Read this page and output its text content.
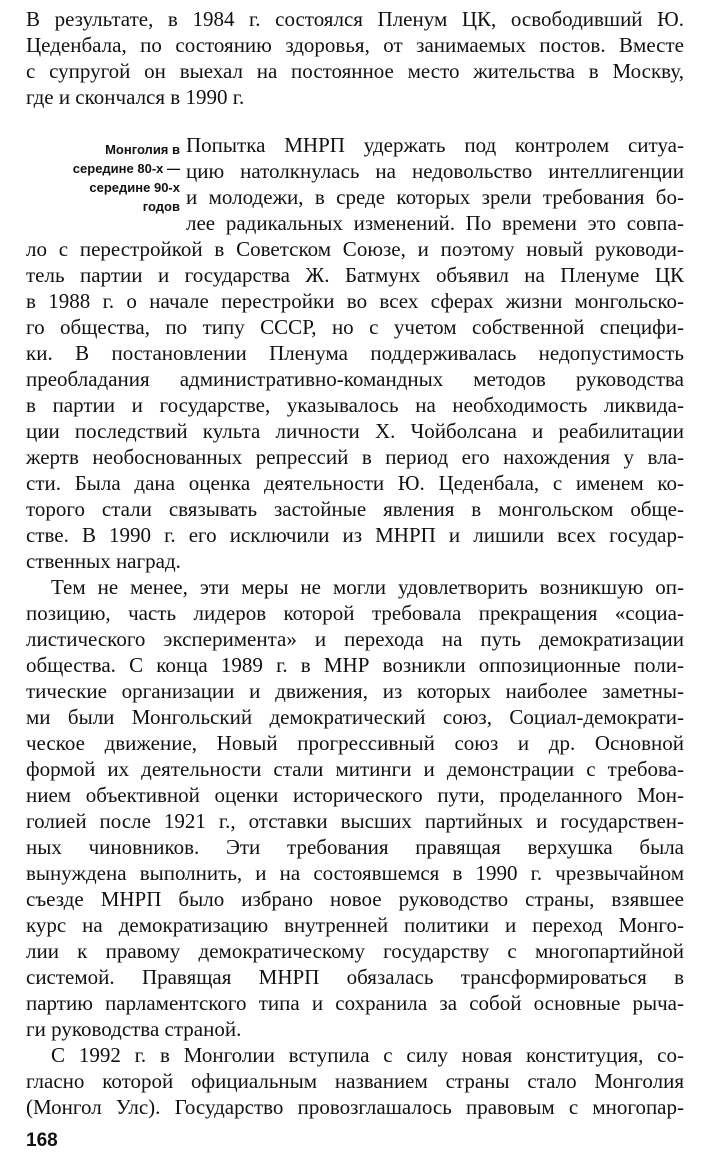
В результате, в 1984 г. состоялся Пленум ЦК, освободивший Ю.
Цеденбала, по состоянию здоровья, от занимаемых постов. Вместе
с супругой он выехал на постоянное место жительства в Москву,
где и скончался в 1990 г.
Монголия в
середине 80-х —
середине 90-х
годов
Попытка МНРП удержать под контролем ситуа-
цию натолкнулась на недовольство интеллигенции
и молодежи, в среде которых зрели требования бо-
лее радикальных изменений. По времени это совпа-
ло с перестройкой в Советском Союзе, и поэтому новый руководи-
тель партии и государства Ж. Батмунх объявил на Пленуме ЦК
в 1988 г. о начале перестройки во всех сферах жизни монгольско-
го общества, по типу СССР, но с учетом собственной специфи-
ки. В постановлении Пленума поддерживалась недопустимость
преобладания административно-командных методов руководства
в партии и государстве, указывалось на необходимость ликвида-
ции последствий культа личности Х. Чойболсана и реабилитации
жертв необоснованных репрессий в период его нахождения у вла-
сти. Была дана оценка деятельности Ю. Цеденбала, с именем ко-
торого стали связывать застойные явления в монгольском обще-
стве. В 1990 г. его исключили из МНРП и лишили всех государ-
ственных наград.
Тем не менее, эти меры не могли удовлетворить возникшую оп-
позицию, часть лидеров которой требовала прекращения «социа-
листического эксперимента» и перехода на путь демократизации
общества. С конца 1989 г. в МНР возникли оппозиционные поли-
тические организации и движения, из которых наиболее заметны-
ми были Монгольский демократический союз, Социал-демократи-
ческое движение, Новый прогрессивный союз и др. Основной
формой их деятельности стали митинги и демонстрации с требова-
нием объективной оценки исторического пути, проделанного Мон-
голией после 1921 г., отставки высших партийных и государствен-
ных чиновников. Эти требования правящая верхушка была
вынуждена выполнить, и на состоявшемся в 1990 г. чрезвычайном
съезде МНРП было избрано новое руководство страны, взявшее
курс на демократизацию внутренней политики и переход Монго-
лии к правому демократическому государству с многопартийной
системой. Правящая МНРП обязалась трансформироваться в
партию парламентского типа и сохранила за собой основные рыча-
ги руководства страной.
С 1992 г. в Монголии вступила с силу новая конституция, со-
гласно которой официальным названием страны стало Монголия
(Монгол Улс). Государство провозглашалось правовым с многопар-
168
